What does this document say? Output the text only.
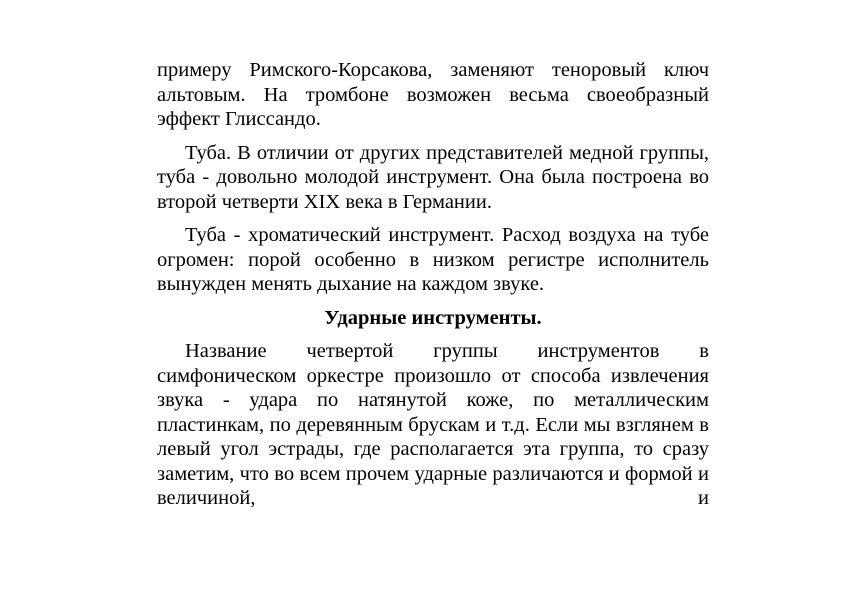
примеру Римского-Корсакова, заменяют теноровый ключ альтовым. На тромбоне возможен весьма своеобразный эффект Глиссандо.

Туба. В отличии от других представителей медной группы, туба - довольно молодой инструмент. Она была построена во второй четверти XIX века в Германии.

Туба - хроматический инструмент. Расход воздуха на тубе огромен: порой особенно в низком регистре исполнитель вынужден менять дыхание на каждом звуке.

Ударные инструменты.

Название четвертой группы инструментов в симфоническом оркестре произошло от способа извлечения звука - удара по натянутой коже, по металлическим пластинкам, по деревянным брускам и т.д. Если мы взглянем в левый угол эстрады, где располагается эта группа, то сразу заметим, что во всем прочем ударные различаются и формой и величиной, и
